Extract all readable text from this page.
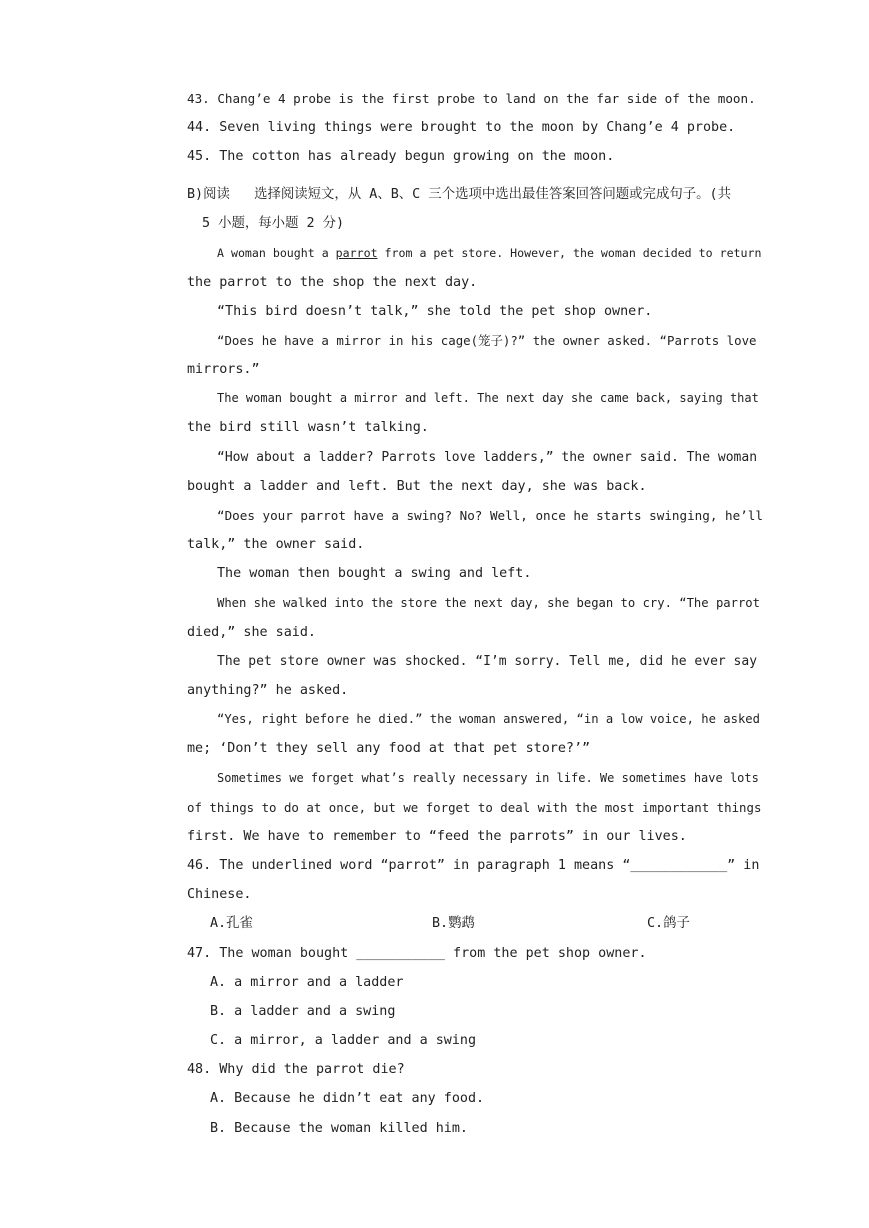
43. Chang’e 4 probe is the first probe to land on the far side of the moon.
44. Seven living things were brought to the moon by Chang’e 4 probe.
45. The cotton has already begun growing on the moon.
B)阅读   选择阅读短文，从 A、B、C 三个选项中选出最佳答案回答问题或完成句子。(共
5 小题，每小题 2 分)
A woman bought a parrot from a pet store. However, the woman decided to return
the parrot to the shop the next day.
“This bird doesn’t talk,” she told the pet shop owner.
“Does he have a mirror in his cage(笼子)?” the owner asked. “Parrots love
mirrors.”
The woman bought a mirror and left. The next day she came back, saying that
the bird still wasn’t talking.
“How about a ladder? Parrots love ladders,” the owner said. The woman
bought a ladder and left. But the next day, she was back.
“Does your parrot have a swing? No? Well, once he starts swinging, he’ll
talk,” the owner said.
The woman then bought a swing and left.
When she walked into the store the next day, she began to cry. “The parrot
died,” she said.
The pet store owner was shocked. “I’m sorry. Tell me, did he ever say
anything?” he asked.
“Yes, right before he died.” the woman answered, “in a low voice, he asked
me; ‘Don’t they sell any food at that pet store?’”
Sometimes we forget what’s really necessary in life. We sometimes have lots
of things to do at once, but we forget to deal with the most important things
first. We have to remember to “feed the parrots” in our lives.
46. The underlined word “parrot” in paragraph 1 means “____________” in
Chinese.
A.孔雀	B.鹦鹉	C.鸽子
47. The woman bought ___________ from the pet shop owner.
A. a mirror and a ladder
B. a ladder and a swing
C. a mirror, a ladder and a swing
48. Why did the parrot die?
A. Because he didn’t eat any food.
B. Because the woman killed him.
